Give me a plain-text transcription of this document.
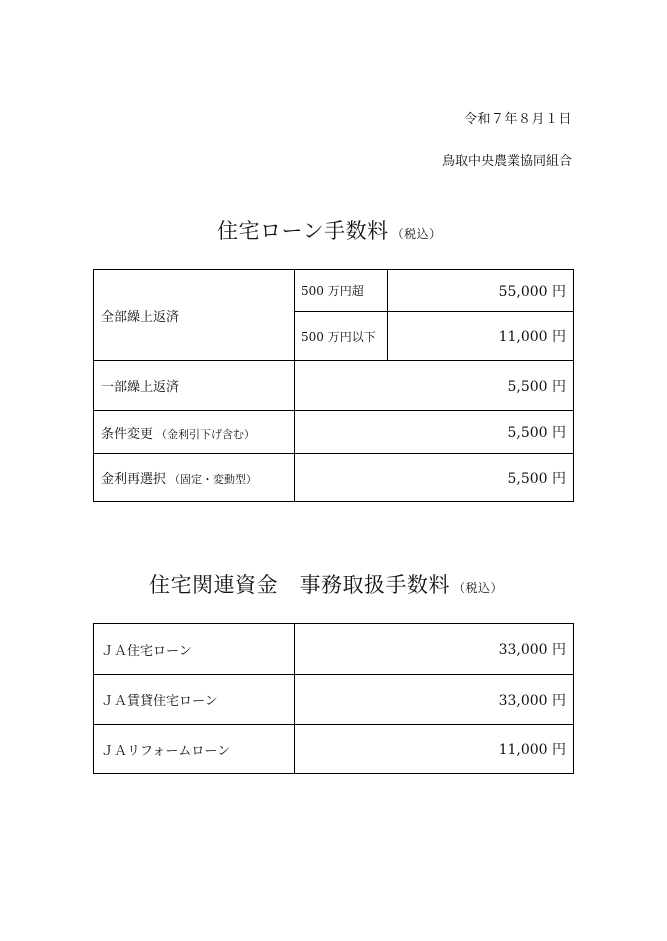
令和７年８月１日
鳥取中央農業協同組合
住宅ローン手数料 （税込）
全部繰上返済	500 万円超	55,000 円
	500 万円以下	11,000 円
一部繰上返済	5,500 円	
条件変更 （金利引下げ含む）	5,500 円	
金利再選択 （固定・変動型）	5,500 円	
住宅関連資金　事務取扱手数料 （税込）
ＪＡ住宅ローン	33,000 円
ＪＡ賃貸住宅ローン	33,000 円
ＪＡリフォームローン	11,000 円
